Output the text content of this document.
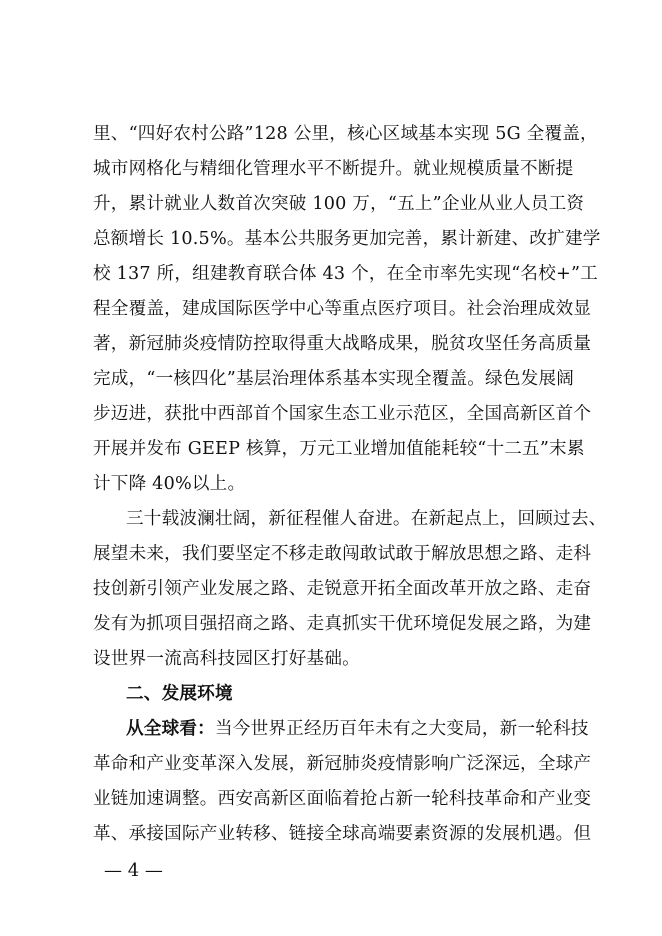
里、“四好农村公路”128 公里，核心区域基本实现 5G 全覆盖，
城市网格化与精细化管理水平不断提升。就业规模质量不断提
升，累计就业人数首次突破 100 万，“五上”企业从业人员工资
总额增长 10.5%。基本公共服务更加完善，累计新建、改扩建学
校 137 所，组建教育联合体 43 个，在全市率先实现“名校+”工
程全覆盖，建成国际医学中心等重点医疗项目。社会治理成效显
著，新冠肺炎疫情防控取得重大战略成果，脱贫攻坚任务高质量
完成，“一核四化”基层治理体系基本实现全覆盖。绿色发展阔
步迈进，获批中西部首个国家生态工业示范区，全国高新区首个
开展并发布 GEEP 核算，万元工业增加值能耗较“十二五”末累
计下降 40%以上。
三十载波澜壮阔，新征程催人奋进。在新起点上，回顾过去、
展望未来，我们要坚定不移走敢闯敢试敢于解放思想之路、走科
技创新引领产业发展之路、走锐意开拓全面改革开放之路、走奋
发有为抓项目强招商之路、走真抓实干优环境促发展之路，为建
设世界一流高科技园区打好基础。
二、发展环境
从全球看：当今世界正经历百年未有之大变局，新一轮科技
革命和产业变革深入发展，新冠肺炎疫情影响广泛深远，全球产
业链加速调整。西安高新区面临着抢占新一轮科技革命和产业变
革、承接国际产业转移、链接全球高端要素资源的发展机遇。但
— 4 —
